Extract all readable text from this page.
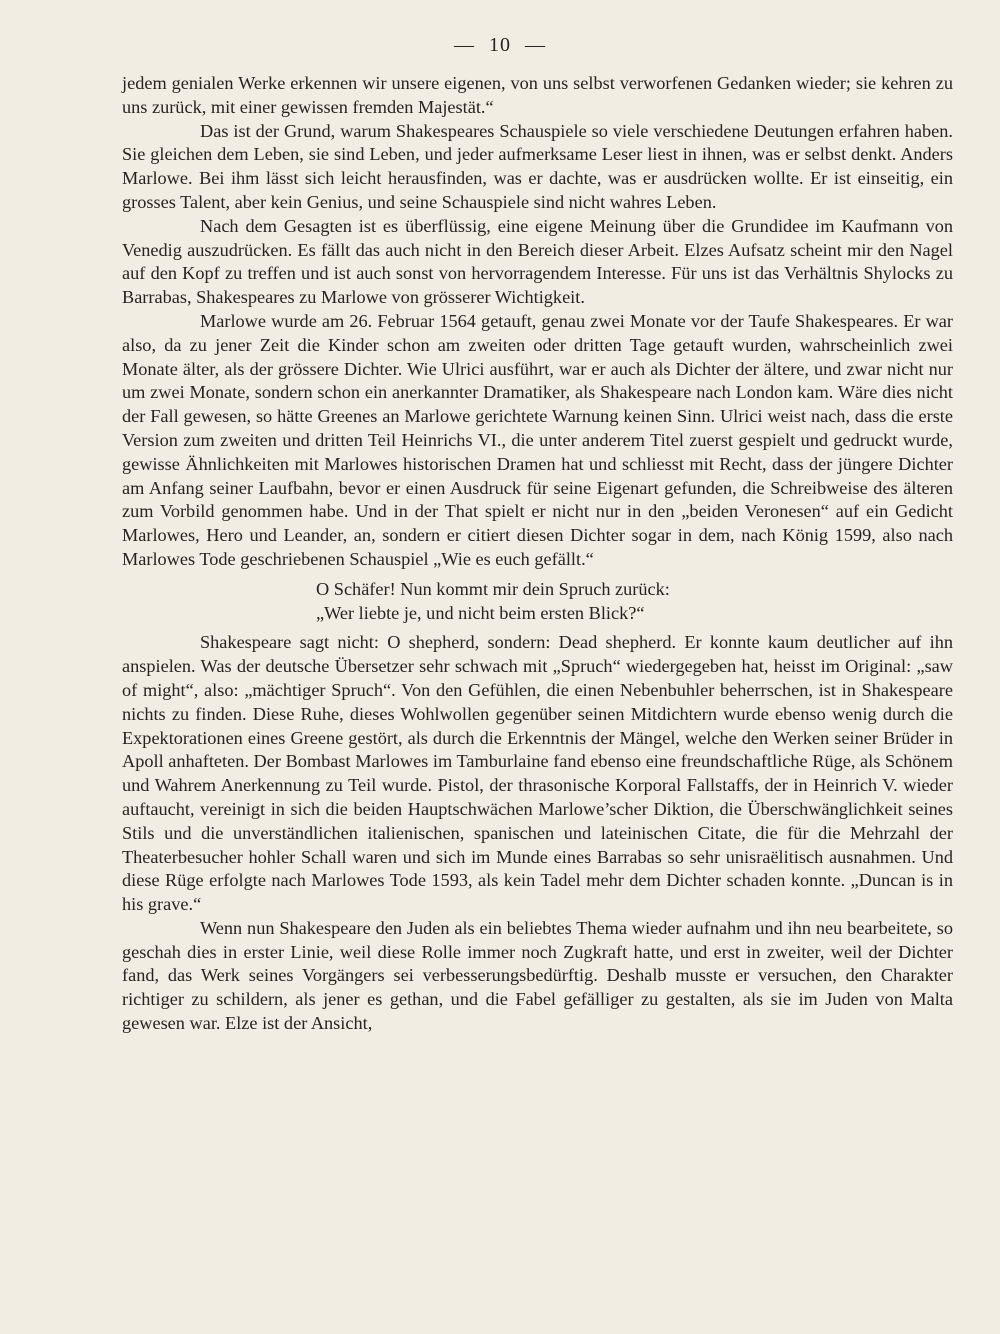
— 10 —

jedem genialen Werke erkennen wir unsere eigenen, von uns selbst verworfenen Gedanken wieder; sie kehren zu uns zurück, mit einer gewissen fremden Majestät.“

Das ist der Grund, warum Shakespeares Schauspiele so viele verschiedene Deutungen erfahren haben. Sie gleichen dem Leben, sie sind Leben, und jeder aufmerksame Leser liest in ihnen, was er selbst denkt. Anders Marlowe. Bei ihm lässt sich leicht herausfinden, was er dachte, was er ausdrücken wollte. Er ist einseitig, ein grosses Talent, aber kein Genius, und seine Schauspiele sind nicht wahres Leben.

Nach dem Gesagten ist es überflüssig, eine eigene Meinung über die Grundidee im Kaufmann von Venedig auszudrücken. Es fällt das auch nicht in den Bereich dieser Arbeit. Elzes Aufsatz scheint mir den Nagel auf den Kopf zu treffen und ist auch sonst von hervorragendem Interesse. Für uns ist das Verhältnis Shylocks zu Barrabas, Shakespeares zu Marlowe von grösserer Wichtigkeit.

Marlowe wurde am 26. Februar 1564 getauft, genau zwei Monate vor der Taufe Shakespeares. Er war also, da zu jener Zeit die Kinder schon am zweiten oder dritten Tage getauft wurden, wahrscheinlich zwei Monate älter, als der grössere Dichter. Wie Ulrici ausführt, war er auch als Dichter der ältere, und zwar nicht nur um zwei Monate, sondern schon ein anerkannter Dramatiker, als Shakespeare nach London kam. Wäre dies nicht der Fall gewesen, so hätte Greenes an Marlowe gerichtete Warnung keinen Sinn. Ulrici weist nach, dass die erste Version zum zweiten und dritten Teil Heinrichs VI., die unter anderem Titel zuerst gespielt und gedruckt wurde, gewisse Ähnlichkeiten mit Marlowes historischen Dramen hat und schliesst mit Recht, dass der jüngere Dichter am Anfang seiner Laufbahn, bevor er einen Ausdruck für seine Eigenart gefunden, die Schreibweise des älteren zum Vorbild genommen habe. Und in der That spielt er nicht nur in den „beiden Veronesen“ auf ein Gedicht Marlowes, Hero und Leander, an, sondern er citiert diesen Dichter sogar in dem, nach König 1599, also nach Marlowes Tode geschriebenen Schauspiel „Wie es euch gefällt.“

O Schäfer! Nun kommt mir dein Spruch zurück:
„Wer liebte je, und nicht beim ersten Blick?“

Shakespeare sagt nicht: O shepherd, sondern: Dead shepherd. Er konnte kaum deutlicher auf ihn anspielen. Was der deutsche Übersetzer sehr schwach mit „Spruch“ wiedergegeben hat, heisst im Original: „saw of might“, also: „mächtiger Spruch“. Von den Gefühlen, die einen Nebenbuhler beherrschen, ist in Shakespeare nichts zu finden. Diese Ruhe, dieses Wohlwollen gegenüber seinen Mitdichtern wurde ebenso wenig durch die Expektorationen eines Greene gestört, als durch die Erkenntnis der Mängel, welche den Werken seiner Brüder in Apoll anhafteten. Der Bombast Marlowes im Tamburlaine fand ebenso eine freundschaftliche Rüge, als Schönem und Wahrem Anerkennung zu Teil wurde. Pistol, der thrasonische Korporal Fallstaffs, der in Heinrich V. wieder auftaucht, vereinigt in sich die beiden Hauptschwächen Marlowe’scher Diktion, die Überschwänglichkeit seines Stils und die unverständlichen italienischen, spanischen und lateinischen Citate, die für die Mehrzahl der Theaterbesucher hohler Schall waren und sich im Munde eines Barrabas so sehr unisraëlitisch ausnahmen. Und diese Rüge erfolgte nach Marlowes Tode 1593, als kein Tadel mehr dem Dichter schaden konnte. „Duncan is in his grave.“

Wenn nun Shakespeare den Juden als ein beliebtes Thema wieder aufnahm und ihn neu bearbeitete, so geschah dies in erster Linie, weil diese Rolle immer noch Zugkraft hatte, und erst in zweiter, weil der Dichter fand, das Werk seines Vorgängers sei verbesserungsbedürftig. Deshalb musste er versuchen, den Charakter richtiger zu schildern, als jener es gethan, und die Fabel gefälliger zu gestalten, als sie im Juden von Malta gewesen war. Elze ist der Ansicht,
